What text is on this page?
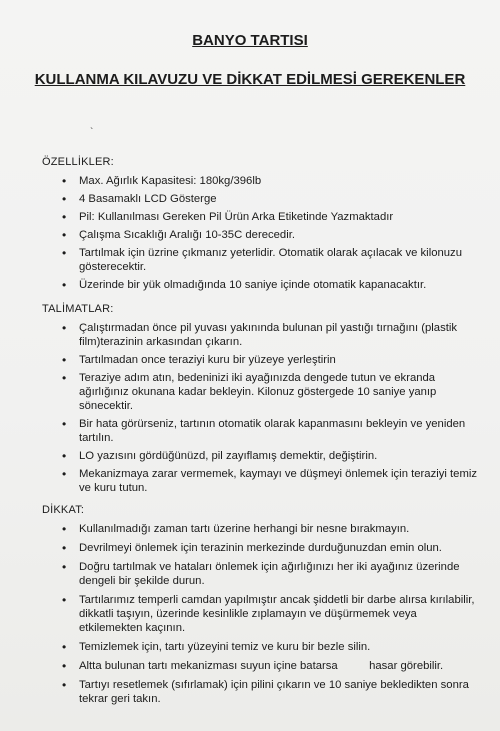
BANYO TARTISI
KULLANMA KILAVUZU VE DİKKAT EDİLMESİ GEREKENLER
`

ÖZELLİKLER:

• Max. Ağırlık Kapasitesi: 180kg/396lb
• 4 Basamaklı LCD Gösterge
• Pil: Kullanılması Gereken Pil Ürün Arka Etiketinde Yazmaktadır
• Çalışma Sıcaklığı Aralığı 10-35C derecedir.
• Tartılmak için üzrine çıkmanız yeterlidir. Otomatik olarak açılacak ve kilonuzu gösterecektir.
• Üzerinde bir yük olmadığında 10 saniye içinde otomatik kapanacaktır.

TALİMATLAR:

• Çalıştırmadan önce pil yuvası yakınında bulunan pil yastığı tırnağını (plastik film)terazinin arkasından çıkarın.
• Tartılmadan once teraziyi kuru bir yüzeye yerleştirin
• Teraziye adım atın, bedeninizi iki ayağınızda dengede tutun ve ekranda ağırlığınız okunana kadar bekleyin. Kilonuz göstergede 10 saniye yanıp sönecektir.
• Bir hata görürseniz, tartının otomatik olarak kapanmasını bekleyin ve yeniden tartılın.
• LO yazısını gördüğünüzd, pil zayıflamış demektir, değiştirin.
• Mekanizmaya zarar vermemek, kaymayı ve düşmeyi önlemek için teraziyi temiz ve kuru tutun.

DİKKAT:

• Kullanılmadığı zaman tartı üzerine herhangi bir nesne bırakmayın.
• Devrilmeyi önlemek için terazinin merkezinde durduğunuzdan emin olun.
• Doğru tartılmak ve hataları önlemek için ağırlığınızı her iki ayağınız üzerinde dengeli bir şekilde durun.
• Tartılarımız temperli camdan yapılmıştır ancak şiddetli bir darbe alırsa kırılabilir, dikkatli taşıyın, üzerinde kesinlikle zıplamayın ve düşürmemek veya etkilemekten kaçının.
• Temizlemek için, tartı yüzeyini temiz ve kuru bir bezle silin.
• Altta bulunan tartı mekanizması suyun içine batarsa          hasar görebilir.
• Tartıyı resetlemek (sıfırlamak) için pilini çıkarın ve 10 saniye bekledikten sonra tekrar geri takın.
